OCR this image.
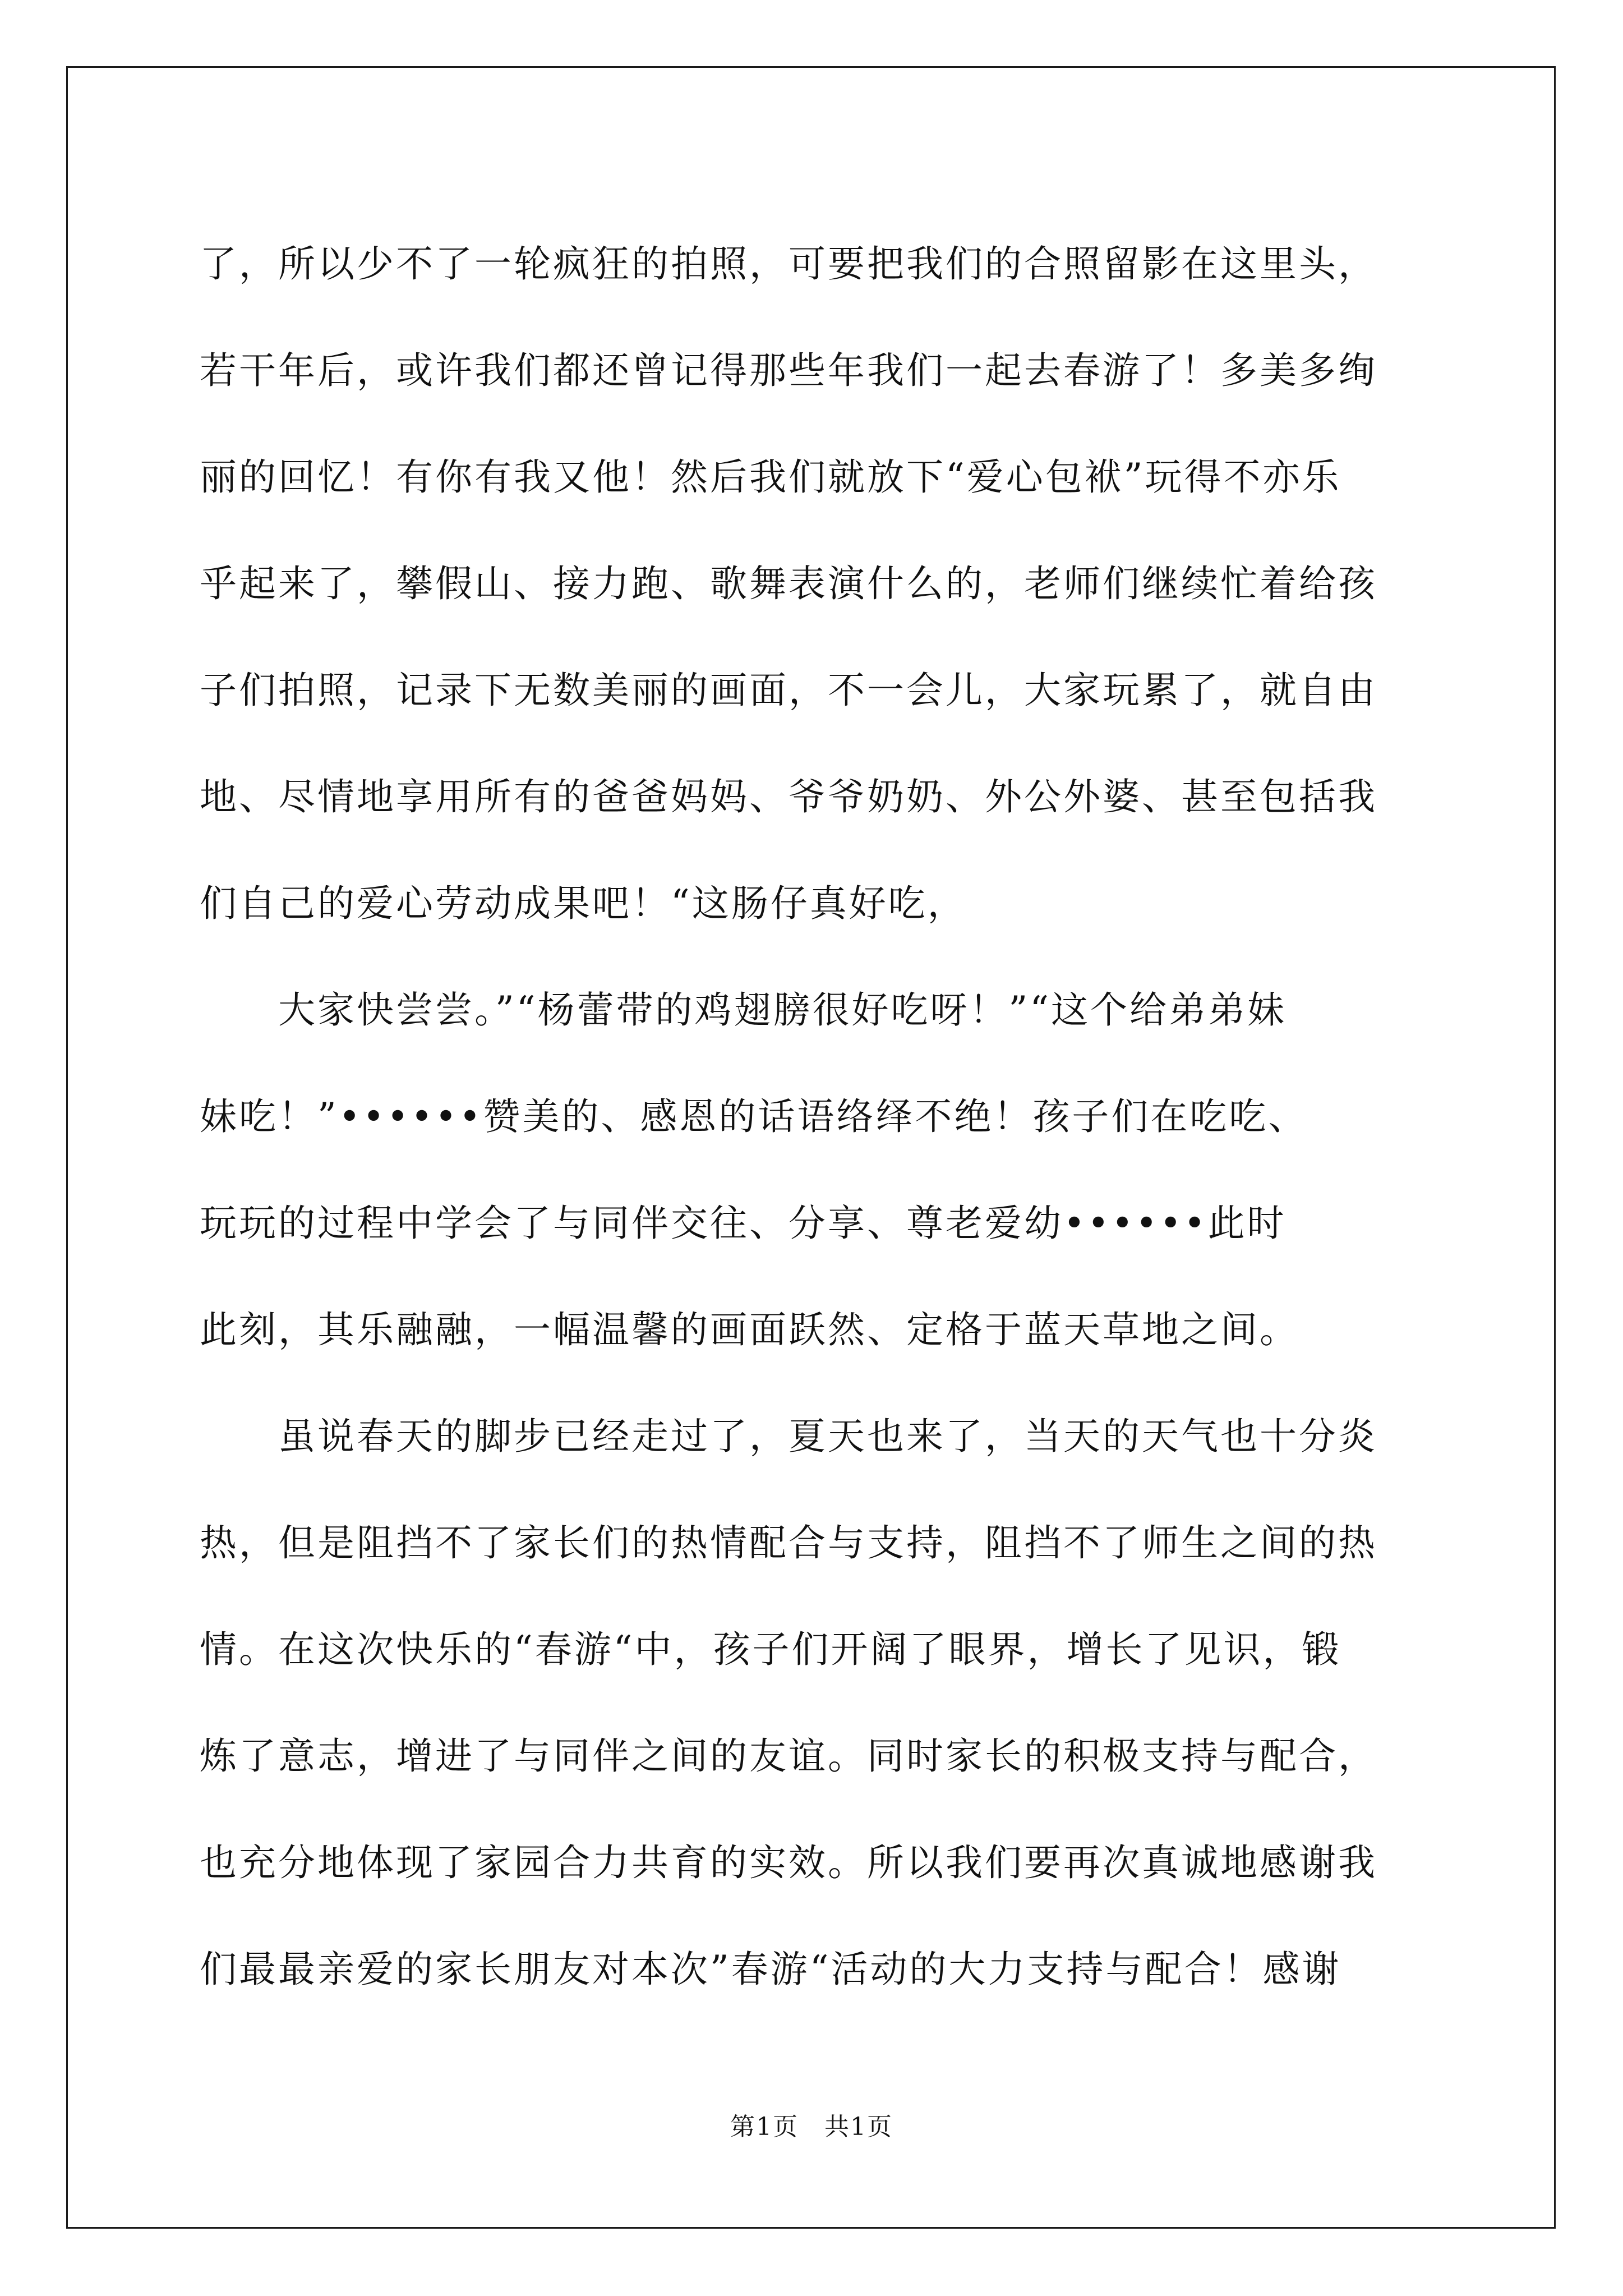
了，所以少不了一轮疯狂的拍照，可要把我们的合照留影在这里头，
若干年后，或许我们都还曾记得那些年我们一起去春游了！多美多绚
丽的回忆！有你有我又他！然后我们就放下“爱心包袱”玩得不亦乐
乎起来了，攀假山、接力跑、歌舞表演什么的，老师们继续忙着给孩
子们拍照，记录下无数美丽的画面，不一会儿，大家玩累了，就自由
地、尽情地享用所有的爸爸妈妈、爷爷奶奶、外公外婆、甚至包括我
们自己的爱心劳动成果吧！“这肠仔真好吃，
　　大家快尝尝。”“杨蕾带的鸡翅膀很好吃呀！”“这个给弟弟妹
妹吃！”••••••赞美的、感恩的话语络绎不绝！孩子们在吃吃、
玩玩的过程中学会了与同伴交往、分享、尊老爱幼••••••此时
此刻，其乐融融，一幅温馨的画面跃然、定格于蓝天草地之间。
　　虽说春天的脚步已经走过了，夏天也来了，当天的天气也十分炎
热，但是阻挡不了家长们的热情配合与支持，阻挡不了师生之间的热
情。在这次快乐的“春游“中，孩子们开阔了眼界，增长了见识，锻
炼了意志，增进了与同伴之间的友谊。同时家长的积极支持与配合，
也充分地体现了家园合力共育的实效。所以我们要再次真诚地感谢我
们最最亲爱的家长朋友对本次”春游“活动的大力支持与配合！感谢
第1页　共1页
